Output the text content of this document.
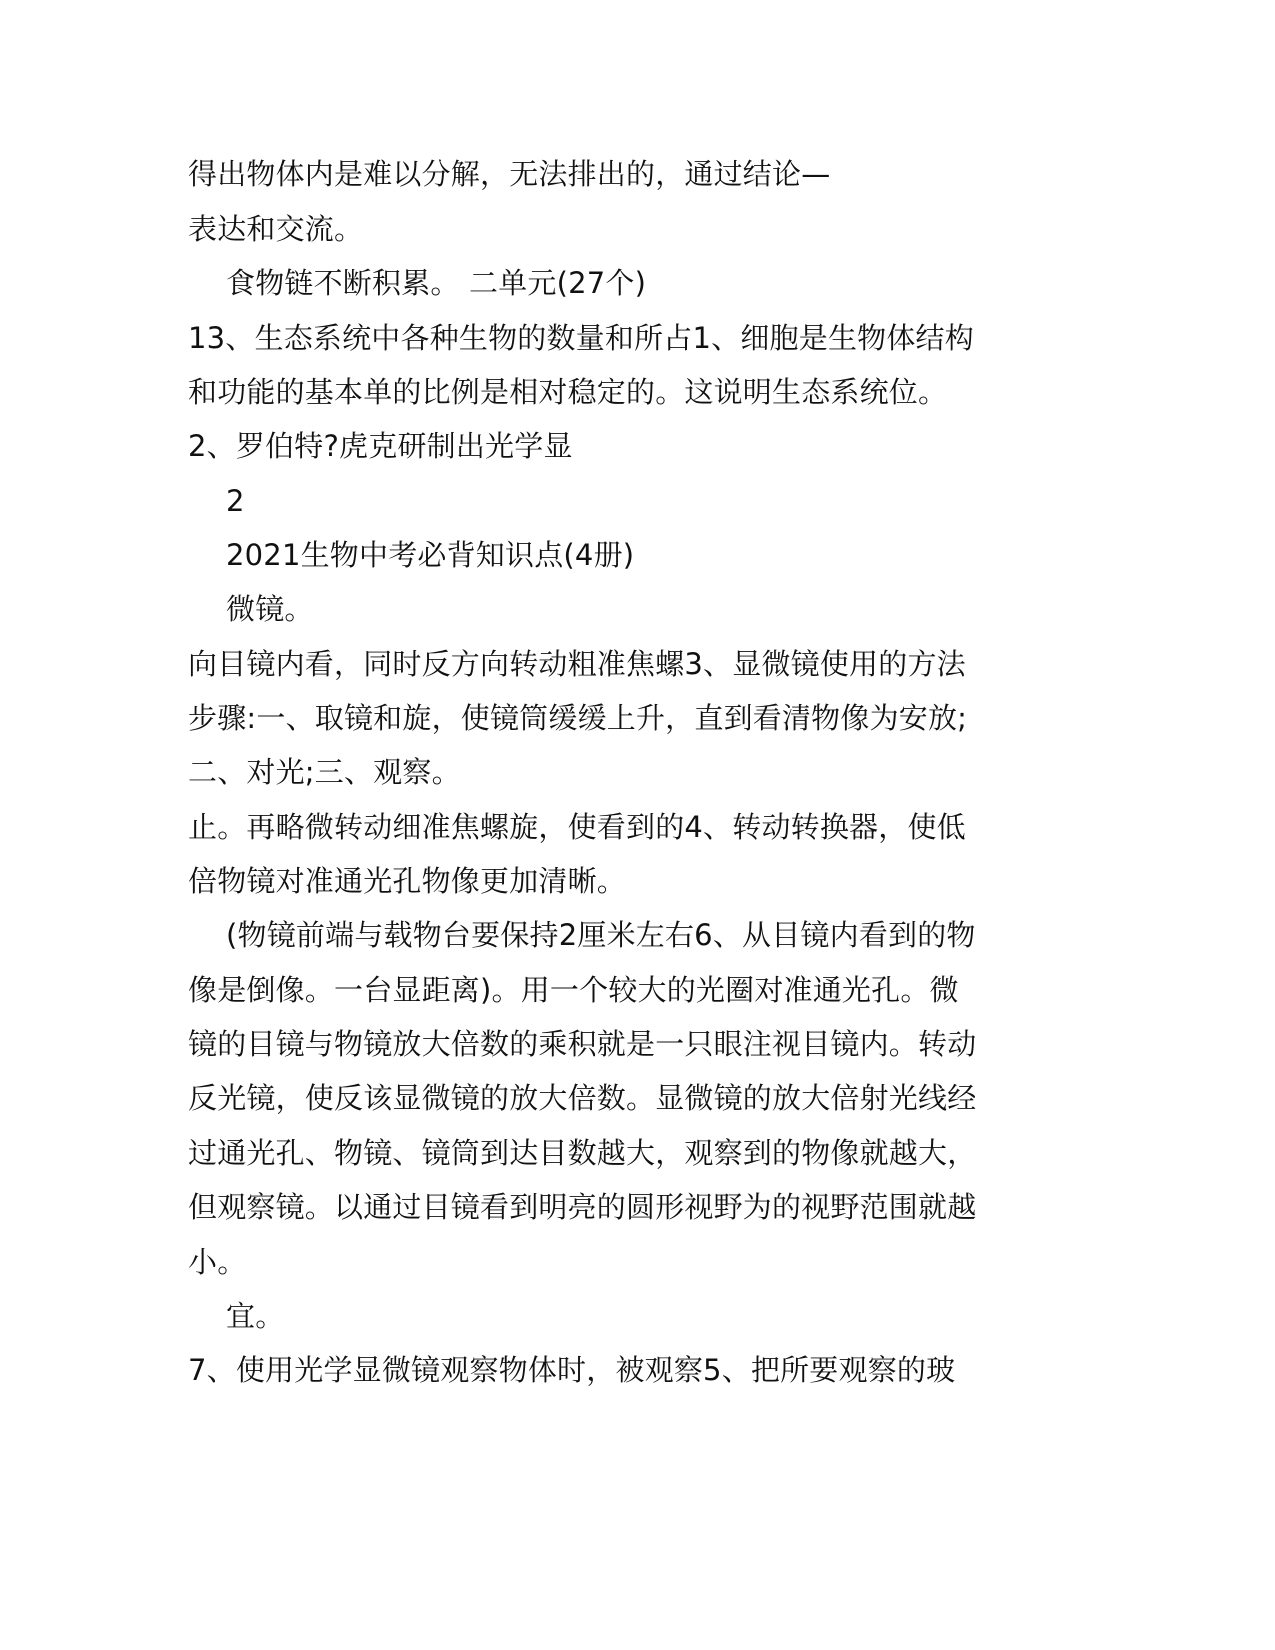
得出物体内是难以分解，无法排出的，通过结论—
表达和交流。
食物链不断积累。 二单元(27个)
13、生态系统中各种生物的数量和所占1、细胞是生物体结构
和功能的基本单的比例是相对稳定的。这说明生态系统位。
2、罗伯特?虎克研制出光学显
2
2021生物中考必背知识点(4册)
微镜。
向目镜内看，同时反方向转动粗准焦螺3、显微镜使用的方法
步骤:一、取镜和旋，使镜筒缓缓上升，直到看清物像为安放;
二、对光;三、观察。
止。再略微转动细准焦螺旋，使看到的4、转动转换器，使低
倍物镜对准通光孔物像更加清晰。
(物镜前端与载物台要保持2厘米左右6、从目镜内看到的物
像是倒像。一台显距离)。用一个较大的光圈对准通光孔。微
镜的目镜与物镜放大倍数的乘积就是一只眼注视目镜内。转动
反光镜，使反该显微镜的放大倍数。显微镜的放大倍射光线经
过通光孔、物镜、镜筒到达目数越大，观察到的物像就越大，
但观察镜。以通过目镜看到明亮的圆形视野为的视野范围就越
小。
宜。
7、使用光学显微镜观察物体时，被观察5、把所要观察的玻
